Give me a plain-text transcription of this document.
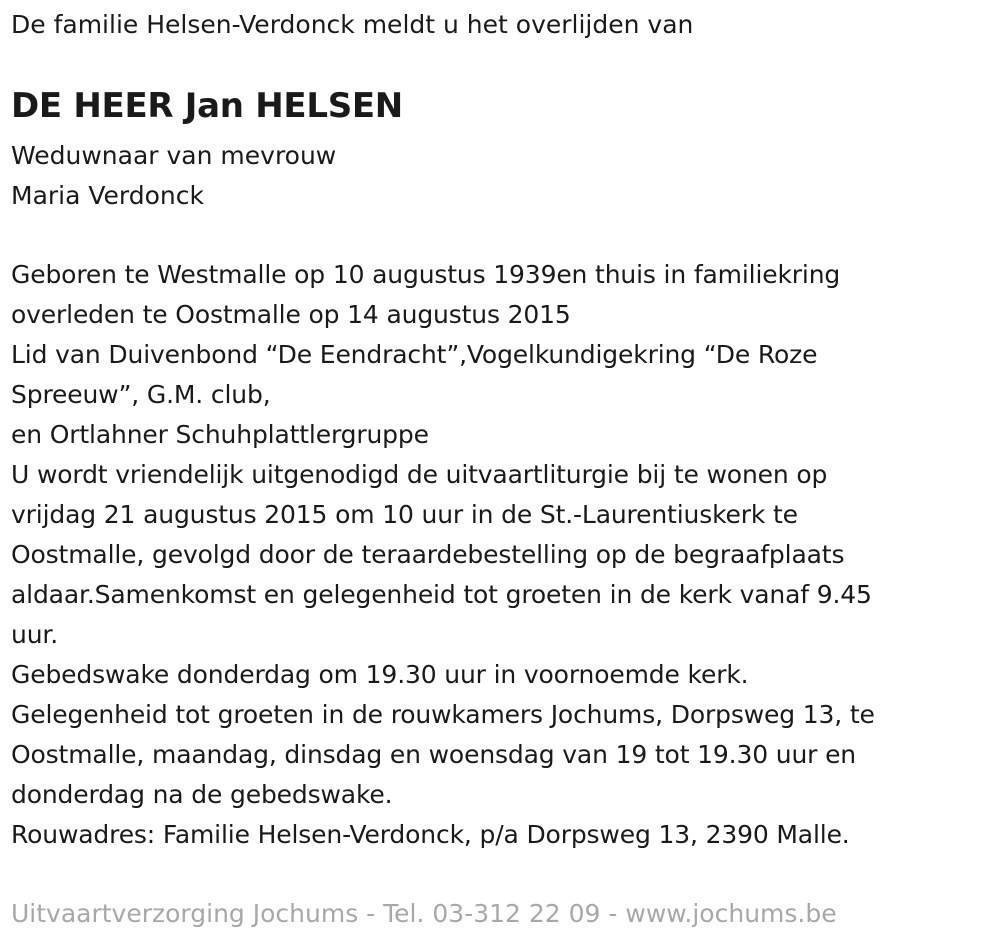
De familie Helsen-Verdonck meldt u het overlijden van
DE HEER Jan HELSEN
Weduwnaar van mevrouw
Maria Verdonck
Geboren te Westmalle op 10 augustus 1939en thuis in familiekring
overleden te Oostmalle op 14 augustus 2015
Lid van Duivenbond “De Eendracht”,Vogelkundigekring “De Roze
Spreeuw”, G.M. club,
en Ortlahner Schuhplattlergruppe
U wordt vriendelijk uitgenodigd de uitvaartliturgie bij te wonen op
vrijdag 21 augustus 2015 om 10 uur in de St.-Laurentiuskerk te
Oostmalle, gevolgd door de teraardebestelling op de begraafplaats
aldaar.Samenkomst en gelegenheid tot groeten in de kerk vanaf 9.45
uur.
Gebedswake donderdag om 19.30 uur in voornoemde kerk.
Gelegenheid tot groeten in de rouwkamers Jochums, Dorpsweg 13, te
Oostmalle, maandag, dinsdag en woensdag van 19 tot 19.30 uur en
donderdag na de gebedswake.
Rouwadres: Familie Helsen-Verdonck, p/a Dorpsweg 13, 2390 Malle.
Uitvaartverzorging Jochums - Tel. 03-312 22 09 - www.jochums.be
